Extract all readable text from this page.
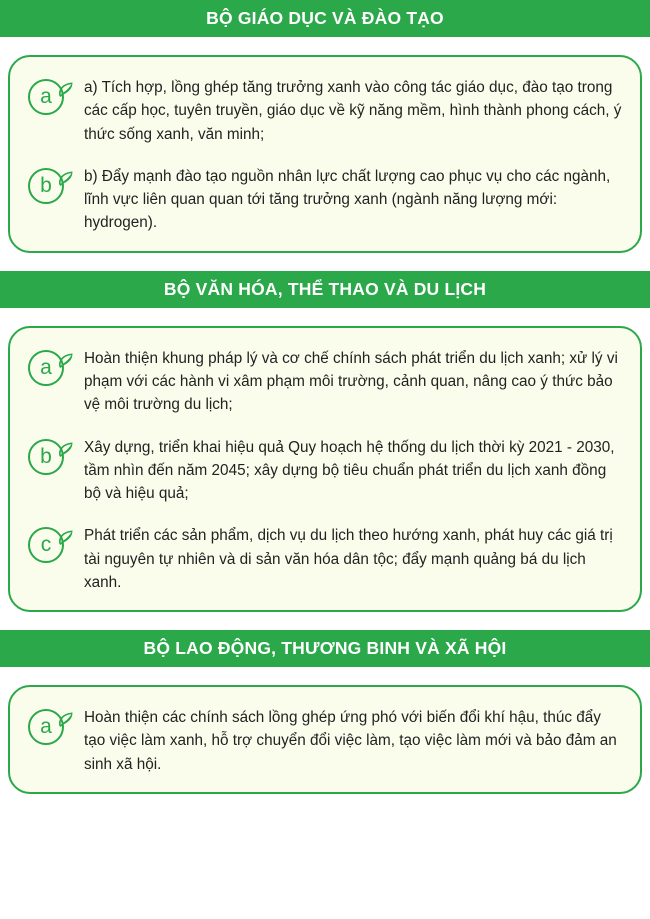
BỘ GIÁO DỤC VÀ ĐÀO TẠO
a	a) Tích hợp, lồng ghép tăng trưởng xanh vào công tác giáo dục, đào tạo trong các cấp học, tuyên truyền, giáo dục về kỹ năng mềm, hình thành phong cách, ý thức sống xanh, văn minh;
b	b) Đẩy mạnh đào tạo nguồn nhân lực chất lượng cao phục vụ cho các ngành, lĩnh vực liên quan quan tới tăng trưởng xanh (ngành năng lượng mới: hydrogen).
BỘ VĂN HÓA, THỂ THAO VÀ DU LỊCH
a	Hoàn thiện khung pháp lý và cơ chế chính sách phát triển du lịch xanh; xử lý vi phạm với các hành vi xâm phạm môi trường, cảnh quan, nâng cao ý thức bảo vệ môi trường du lịch;
b	Xây dựng, triển khai hiệu quả Quy hoạch hệ thống du lịch thời kỳ 2021 - 2030, tầm nhìn đến năm 2045; xây dựng bộ tiêu chuẩn phát triển du lịch xanh đồng bộ và hiệu quả;
c	Phát triển các sản phẩm, dịch vụ du lịch theo hướng xanh, phát huy các giá trị tài nguyên tự nhiên và di sản văn hóa dân tộc; đẩy mạnh quảng bá du lịch xanh.
BỘ LAO ĐỘNG, THƯƠNG BINH VÀ XÃ HỘI
a	Hoàn thiện các chính sách lồng ghép ứng phó với biến đổi khí hậu, thúc đẩy tạo việc làm xanh, hỗ trợ chuyển đổi việc làm, tạo việc làm mới và bảo đảm an sinh xã hội.
